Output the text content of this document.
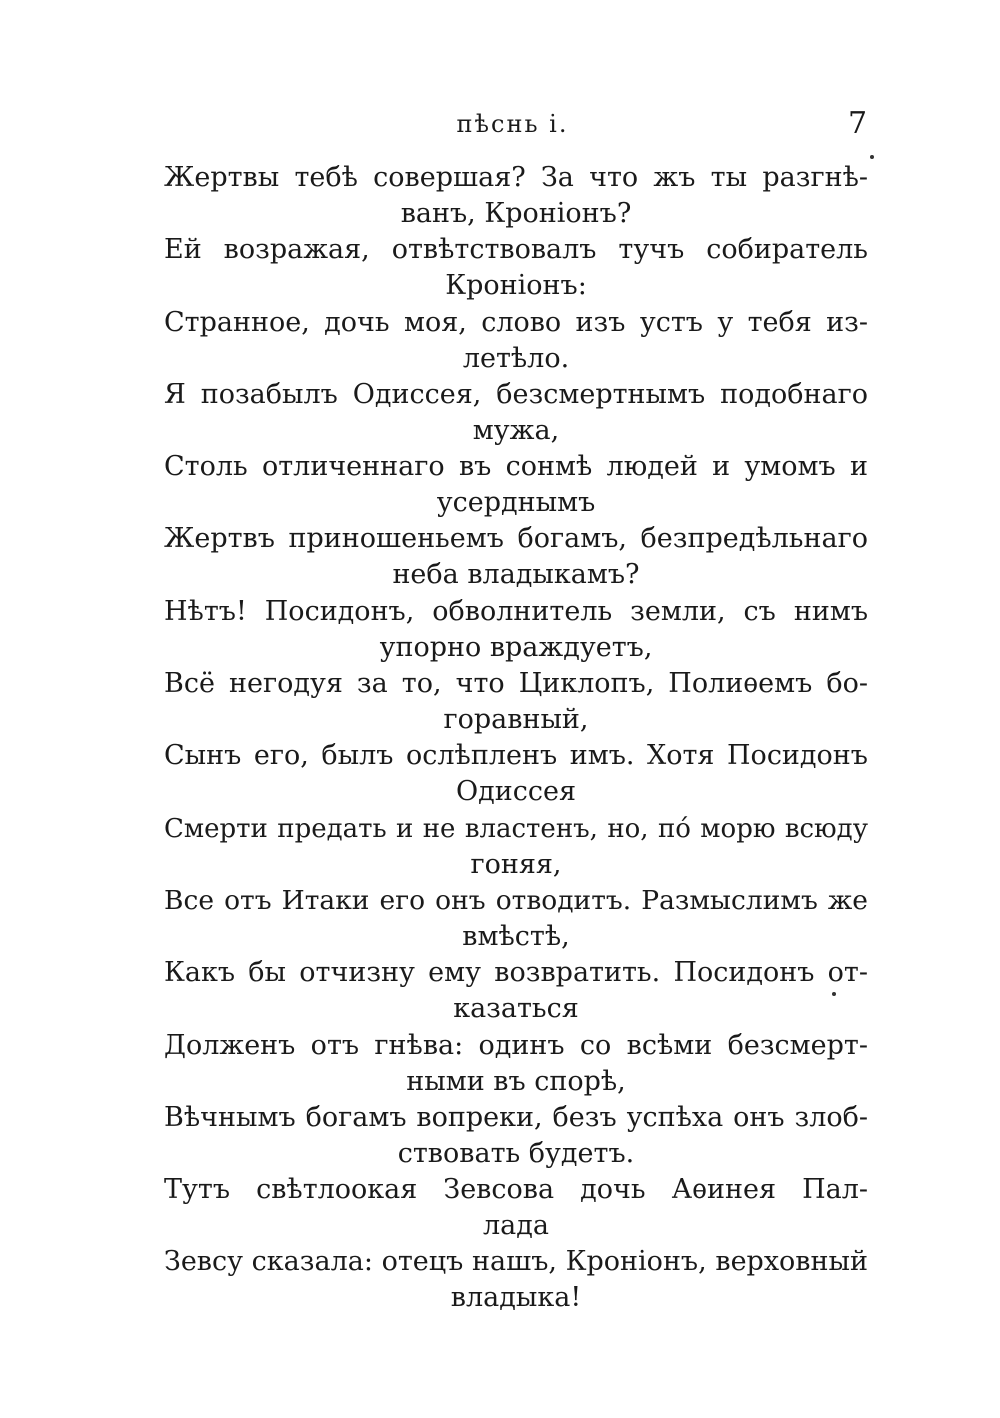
пѣснь i.	7
Жертвы тебѣ совершая? За что жъ ты разгнѣ-
ванъ, Кроніонъ?
Ей возражая, отвѣтствовалъ тучъ собиратель
Кроніонъ:
Странное, дочь моя, слово изъ устъ у тебя из-
летѣло.
Я позабылъ Одиссея, безсмертнымъ подобнаго
мужа,
Столь отличеннаго въ сонмѣ людей и умомъ и
усерднымъ
Жертвъ приношеньемъ богамъ, безпредѣльнаго
неба владыкамъ?
Нѣтъ! Посидонъ, обволнитель земли, съ нимъ
упорно враждуетъ,
Всё негодуя за то, что Циклопъ, Полиѳемъ бо-
горавный,
Сынъ его, былъ ослѣпленъ имъ. Хотя Посидонъ
Одиссея
Смерти предать и не властенъ, но, пó морю всюду
гоняя,
Все отъ Итаки его онъ отводитъ. Размыслимъ же
вмѣстѣ,
Какъ бы отчизну ему возвратить. Посидонъ от-
казаться
Долженъ отъ гнѣва: одинъ со всѣми безсмерт-
ными въ спорѣ,
Вѣчнымъ богамъ вопреки, безъ успѣха онъ злоб-
ствовать будетъ.
Тутъ свѣтлоокая Зевсова дочь Аѳинея Пал-
лада
Зевсу сказала: отецъ нашъ, Кроніонъ, верховный
владыка!
